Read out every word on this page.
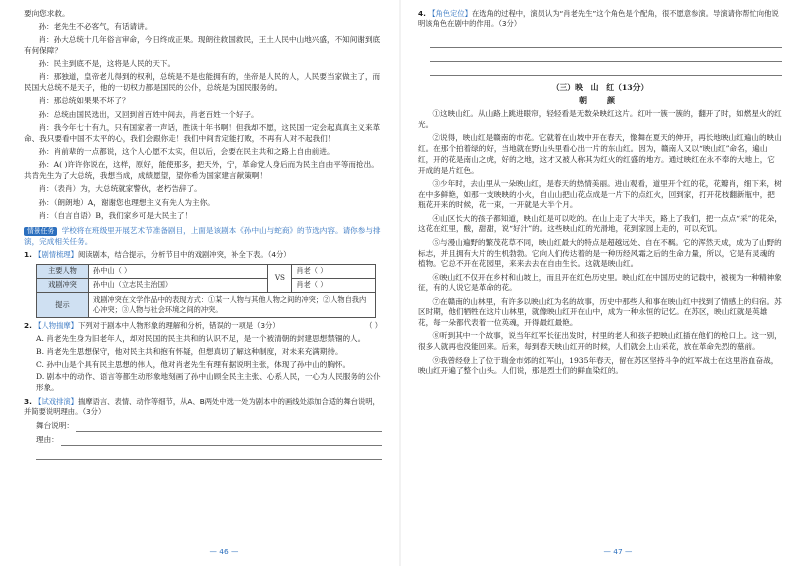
要向您求救。
孙：老先生不必客气，有话请讲。
肖：孙大总统十几年俗言审命，今日终成正果。现朗往救国救民，王土人民中山地兴盛，不知间谢到底有何保障？
孙：民主到底不是，这将是人民的天下。
肖：那独道，皇帝老儿得到的权利，总统是不是也能拥有的，坐帝是人民的人，人民要当家做主了，而民国大总统不是天子，他的一切权力都是国民的公仆，总统是为国民服务的。
肖：那总统如果果不坏了？
孙：总统由国民选出，又回到首百姓中间去，肖老百姓一个好子。
肖：我今年七十有九，只有国家者一声话，胜读十年书啊！但我却不愿，这民国一定会起真真主义来革命、我只要看中国不太平的心，我们会跟你走！我们中间肯定能打败，不再有人对不起我们！
孙：肖前辈的一点都说，这个人心愿不太实，但以后，会要在民主共和之路上自由前进。
孙：A( )许许你说在，这样，原好，能使那多，把天外，宁，革命党人身后而为民主自由平等而抢出。共肯先生为了大总统，我想当成，成绩愿望，望你希为国家建言献策啊！
肖：（表肖）为，大总统就家警伙，老朽告辞了。
孙：（朗朗地）A，谢谢您也理想主义有先人为主你。
肖：（自言自语）B，我们家乡可是大民主了！
情景任务 学校将在班级里开展艺术节准备剧目，上面是该剧本《孙中山与蛇商》的节选内容。请你参与排演，完成相关任务。
1. 【剧情梳理】阅读剧本，结合提示，分析节目中的戏剧冲突，补全下表。（4分）
主要人物	孙中山（ ）	VS	肖老（ ）
戏剧冲突	孙中山（立志民主治国）		肖老（ ）
提示	戏剧冲突在文学作品中的表现方式：①某一人物与其他人物之间的冲突；②人物自我内心冲突；③人物与社会环境之间的冲突。		
2. 【人物揣摩】下列对于剧本中人物形象的理解和分析，错误的一项是（3分）	（ ）
A. 肖老先生身为旧老年人，却对民国的民主共和的认识不足，是一个被清朝的封建思想禁锢的人。
B. 肖老先生思想保守，他对民主共和抱有怀疑，但想真切了解这种制度，对未来充满期待。
C. 孙中山是个具有民主思想的伟人，他对肖老先生有理有据说明主张，体现了孙中山的胸怀。
D. 剧本中的动作、语言等都生动形象地刻画了孙中山顾全民主主张、心系人民，一心为人民服务的公仆形象。
3. 【试戏排演】揣摩语言、表情、动作等细节，从A、B两处中选一处为剧本中的画线处添加合适的舞台说明，并简要说明理由。（3分）
舞台说明：
理由：
— 46 —
4. 【角色定位】在选角的过程中，演员认为“肖老先生”这个角色是个配角，很不愿意参演。导演请你帮忙向他说明该角色在剧中的作用。（3分）
（三）映　山　红（13分）
朝　颜
①这映山红。从山路上跳进眼帘，轻轻看是无数朵映红这片。红叶一簇一簇的，翻开了时，如燃星火的红光。
②说得，映山红是赣南的市花。它就着在山坡中开在春天，像舞在夏天的伸开，再长地映山红遍山的映山红。在那个拍着绿的好，当地就在野山头里看心出一片的东山红。因为，赣南人又以“映山红”命名，遍山红，开的花是南山之虎，好的之地，这才又被人称其为红火的红盛的地方。通过映红在永不奉的大地上，它开成的是片红色。
③少年时，去山里从一朵映山红，是春天的热情美丽。进山观看，道里开个红的花，花瓣肖，细下来，树在中多鲜艳，如那一支映映的小火，自山山把山花点成是一片下的点红火，回到家，打开花枝翻新瓶中，把瓶花开来的时候，花一束，一开就是大半个月。
④山区长大的孩子都知道，映山红是可以吃的。在山上走了大半天，路上了我们，把一点点“采”的花朵，这花在红里，酸，甜甜，说“好汁”的。这些映山红的光滑地，花到家园上走的，可以充饥。
⑤与漫山遍野的繁茂花草不同，映山红最大的特点是超越远处、自在不羁。它的浑然天成，成为了山野的标志，并且拥有大片的生机勃勃。它向人们传达着的是一种历经风霜之后的生命力量，所以，它是有灵魂的植物。它总不开在花园里，来来去去在自由生长。这就是映山红。
⑥映山红不仅开在乡村和山坡上，而且开在红色历史里。映山红在中国历史的记载中，被视为一种精神象征，有的人说它是革命的花。
⑦在赣南的山林里，有许多以映山红为名的故事，历史中那些人和事在映山红中找到了情感上的归宿。苏区时期，他们牺牲在这片山林里，就像映山红开在山中，成为一种永恒的记忆。在苏区，映山红就是英雄花，每一朵都代表着一位英魂，开得最红最艳。
⑧听到其中一个故事，说当年红军长征出发时，村里的老人和孩子把映山红插在他们的枪口上。这一别，很多人就再也没能回来。后来，每到春天映山红开的时候，人们就会上山采花，放在革命先烈的墓前。
⑨我曾经登上了位于瑞金市郊的红军山，1935年春天，留在苏区坚持斗争的红军战士在这里浴血奋战，映山红开遍了整个山头。人们说，那是烈士们的鲜血染红的。
— 47 —
